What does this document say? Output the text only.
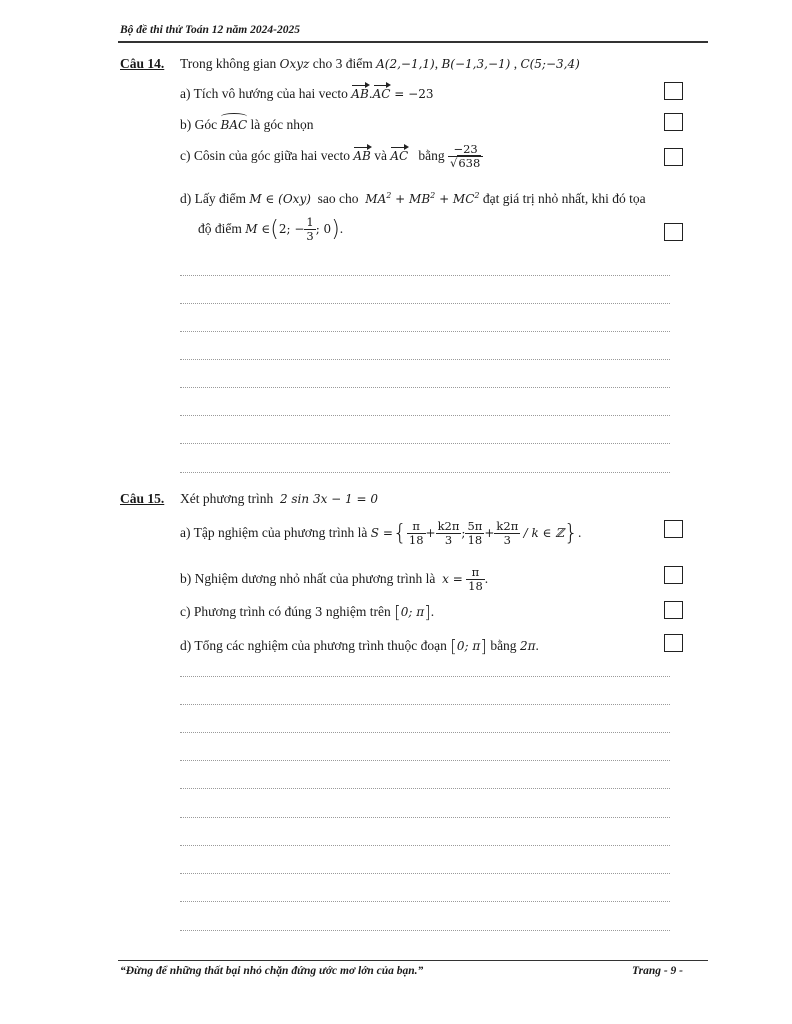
Bộ đề thi thử Toán 12 năm 2024-2025
Câu 14. Trong không gian Oxyz cho 3 điểm A(2,−1,1), B(−1,3,−1) , C(5;−3,4)
a) Tích vô hướng của hai vecto AB.AC = −23
b) Góc BAC là góc nhọn
c) Côsin của góc giữa hai vecto AB và AC bằng $\frac{-23}{√638}$
d) Lấy điểm M ∈ (Oxy) sao cho $MA^2 + MB^2 + MC^2$ đạt giá trị nhỏ nhất, khi đó tọa
độ điểm M ∈(2; − $\frac{1}{3}$ ; 0).
Câu 15. Xét phương trình 2 sin 3x − 1 = 0
a) Tập nghiệm của phương trình là S ={ $\frac{\pi}{18} + \frac{k2\pi}{3}$ ; $\frac{5\pi}{18} + \frac{k2\pi}{3} / k$ ∈ ℤ}.
b) Nghiệm dương nhỏ nhất của phương trình là $x = \frac{\pi}{18}$ .
c) Phương trình có đúng 3 nghiệm trên [0; π].
d) Tổng các nghiệm của phương trình thuộc đoạn [0; π] bằng 2π.
“Đừng để những thất bại nhỏ chặn đứng ước mơ lớn của bạn.”	Trang - 9 -
